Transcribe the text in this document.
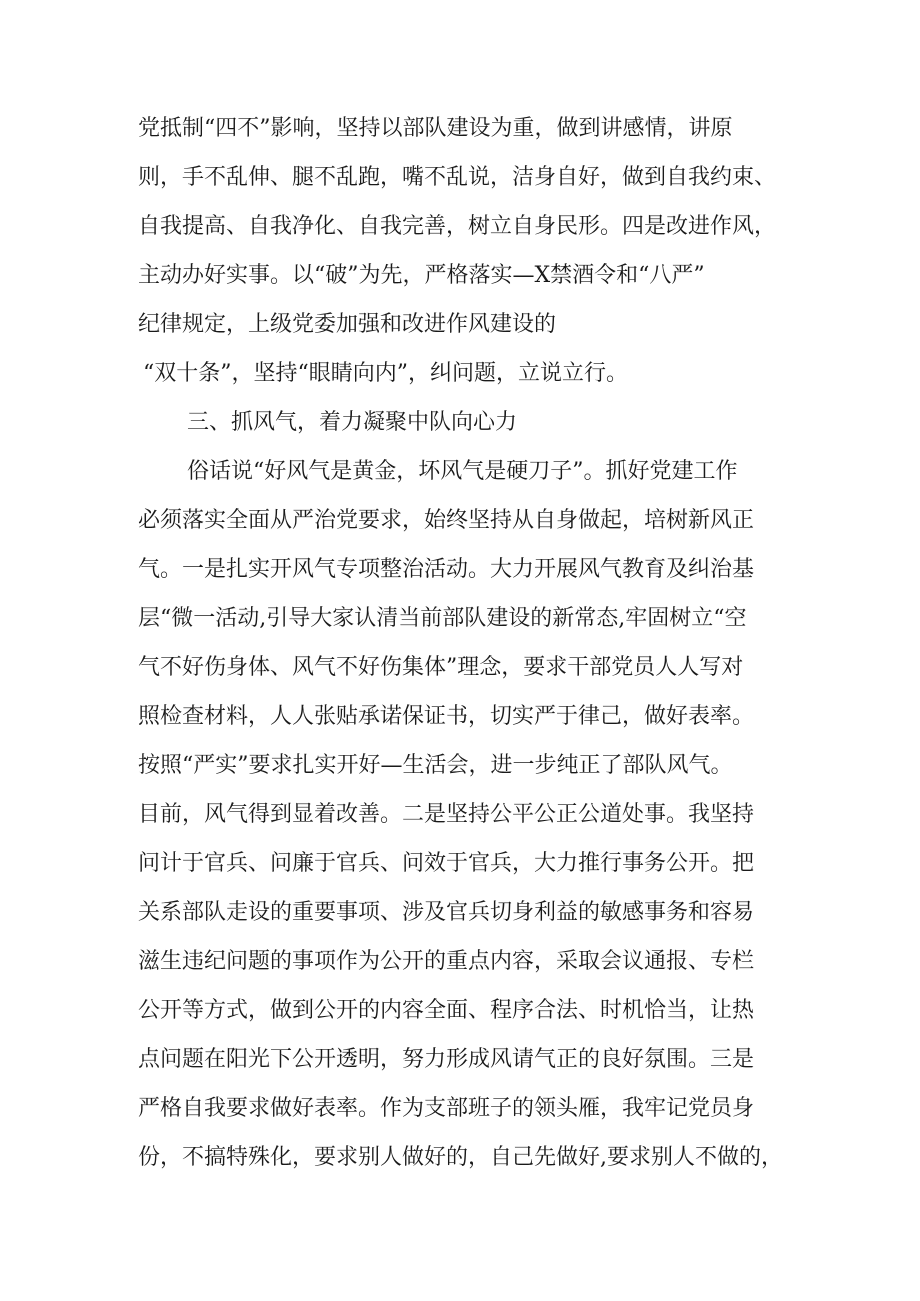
党抵制“四不”影响，坚持以部队建设为重，做到讲感情，讲原
则，手不乱伸、腿不乱跑，嘴不乱说，洁身自好，做到自我约束、
自我提高、自我净化、自我完善，树立自身民形。四是改进作风，
主动办好实事。以“破”为先，严格落实—X禁酒令和“八严”
纪律规定，上级党委加强和改进作风建设的
“双十条”，坚持“眼睛向内”，纠问题，立说立行。
三、抓风气，着力凝聚中队向心力
俗话说“好风气是黄金，坏风气是硬刀子”。抓好党建工作
必须落实全面从严治党要求，始终坚持从自身做起，培树新风正
气。一是扎实开风气专项整治活动。大力开展风气教育及纠治基
层“微一活动,引导大家认清当前部队建设的新常态,牢固树立“空
气不好伤身体、风气不好伤集体”理念，要求干部党员人人写对
照检查材料，人人张贴承诺保证书，切实严于律己，做好表率。
按照“严实”要求扎实开好—生活会，进一步纯正了部队风气。
目前，风气得到显着改善。二是坚持公平公正公道处事。我坚持
问计于官兵、问廉于官兵、问效于官兵，大力推行事务公开。把
关系部队走设的重要事项、涉及官兵切身利益的敏感事务和容易
滋生违纪问题的事项作为公开的重点内容，采取会议通报、专栏
公开等方式，做到公开的内容全面、程序合法、时机恰当，让热
点问题在阳光下公开透明，努力形成风请气正的良好氛围。三是
严格自我要求做好表率。作为支部班子的领头雁，我牢记党员身
份，不搞特殊化，要求别人做好的，自己先做好,要求别人不做的，
